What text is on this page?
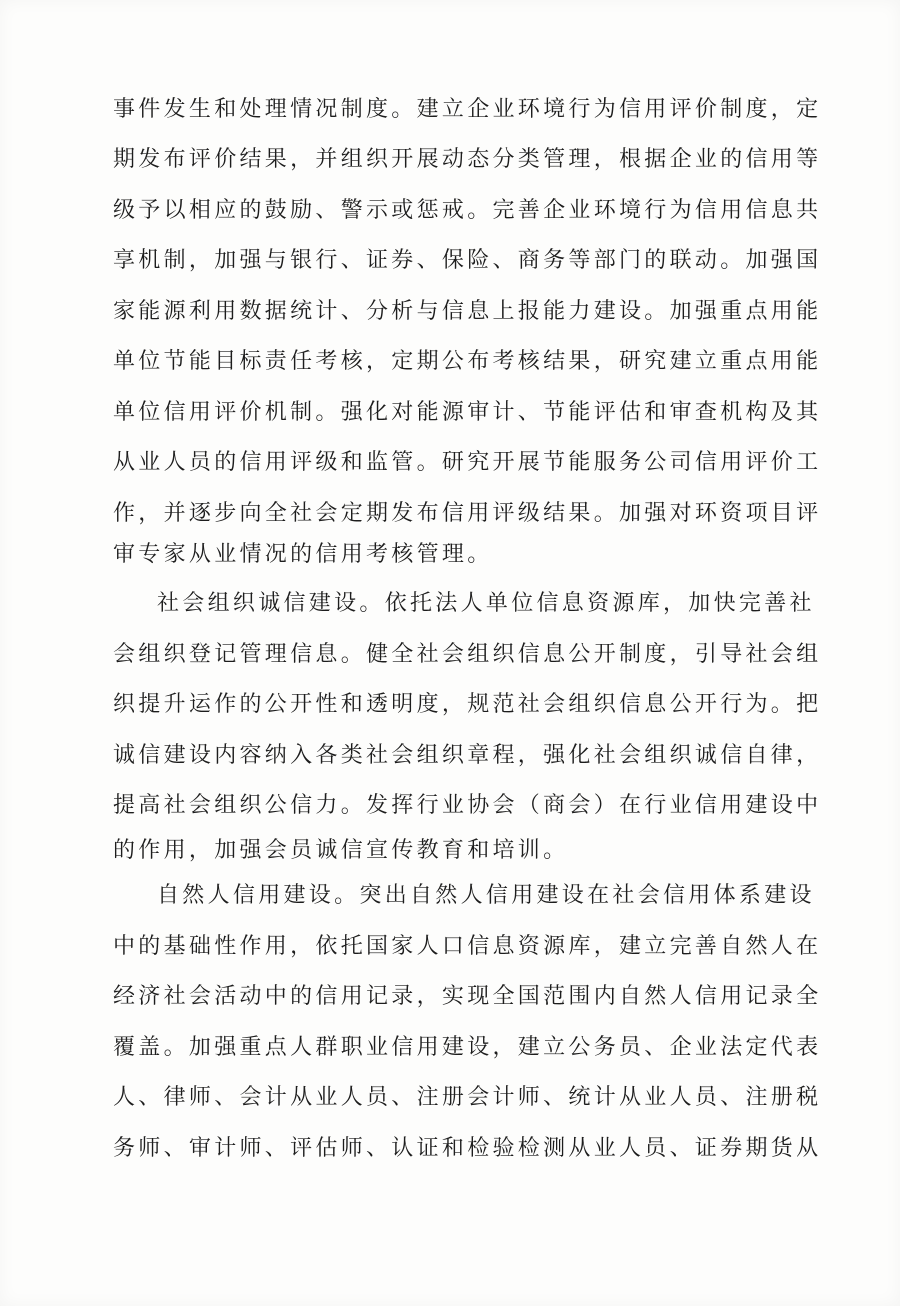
事件发生和处理情况制度。建立企业环境行为信用评价制度，定
期发布评价结果，并组织开展动态分类管理，根据企业的信用等
级予以相应的鼓励、警示或惩戒。完善企业环境行为信用信息共
享机制，加强与银行、证券、保险、商务等部门的联动。加强国
家能源利用数据统计、分析与信息上报能力建设。加强重点用能
单位节能目标责任考核，定期公布考核结果，研究建立重点用能
单位信用评价机制。强化对能源审计、节能评估和审查机构及其
从业人员的信用评级和监管。研究开展节能服务公司信用评价工
作，并逐步向全社会定期发布信用评级结果。加强对环资项目评
审专家从业情况的信用考核管理。
社会组织诚信建设。依托法人单位信息资源库，加快完善社
会组织登记管理信息。健全社会组织信息公开制度，引导社会组
织提升运作的公开性和透明度，规范社会组织信息公开行为。把
诚信建设内容纳入各类社会组织章程，强化社会组织诚信自律，
提高社会组织公信力。发挥行业协会（商会）在行业信用建设中
的作用，加强会员诚信宣传教育和培训。
自然人信用建设。突出自然人信用建设在社会信用体系建设
中的基础性作用，依托国家人口信息资源库，建立完善自然人在
经济社会活动中的信用记录，实现全国范围内自然人信用记录全
覆盖。加强重点人群职业信用建设，建立公务员、企业法定代表
人、律师、会计从业人员、注册会计师、统计从业人员、注册税
务师、审计师、评估师、认证和检验检测从业人员、证券期货从
